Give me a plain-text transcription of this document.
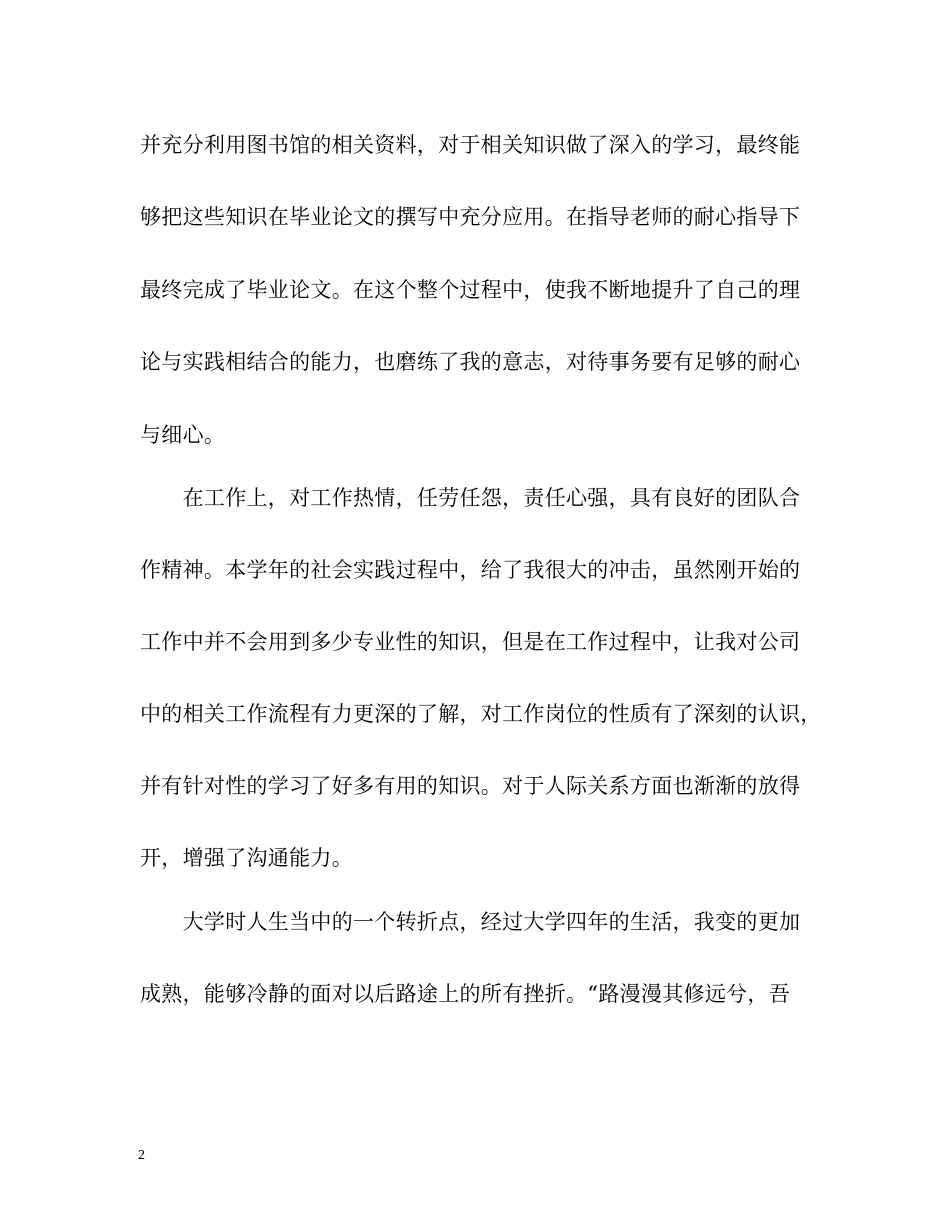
并充分利用图书馆的相关资料，对于相关知识做了深入的学习，最终能
够把这些知识在毕业论文的撰写中充分应用。在指导老师的耐心指导下
最终完成了毕业论文。在这个整个过程中，使我不断地提升了自己的理
论与实践相结合的能力，也磨练了我的意志，对待事务要有足够的耐心
与细心。
　　在工作上，对工作热情，任劳任怨，责任心强，具有良好的团队合
作精神。本学年的社会实践过程中，给了我很大的冲击，虽然刚开始的
工作中并不会用到多少专业性的知识，但是在工作过程中，让我对公司
中的相关工作流程有力更深的了解，对工作岗位的性质有了深刻的认识，
并有针对性的学习了好多有用的知识。对于人际关系方面也渐渐的放得
开，增强了沟通能力。
　　大学时人生当中的一个转折点，经过大学四年的生活，我变的更加
成熟，能够冷静的面对以后路途上的所有挫折。“路漫漫其修远兮，吾
2
